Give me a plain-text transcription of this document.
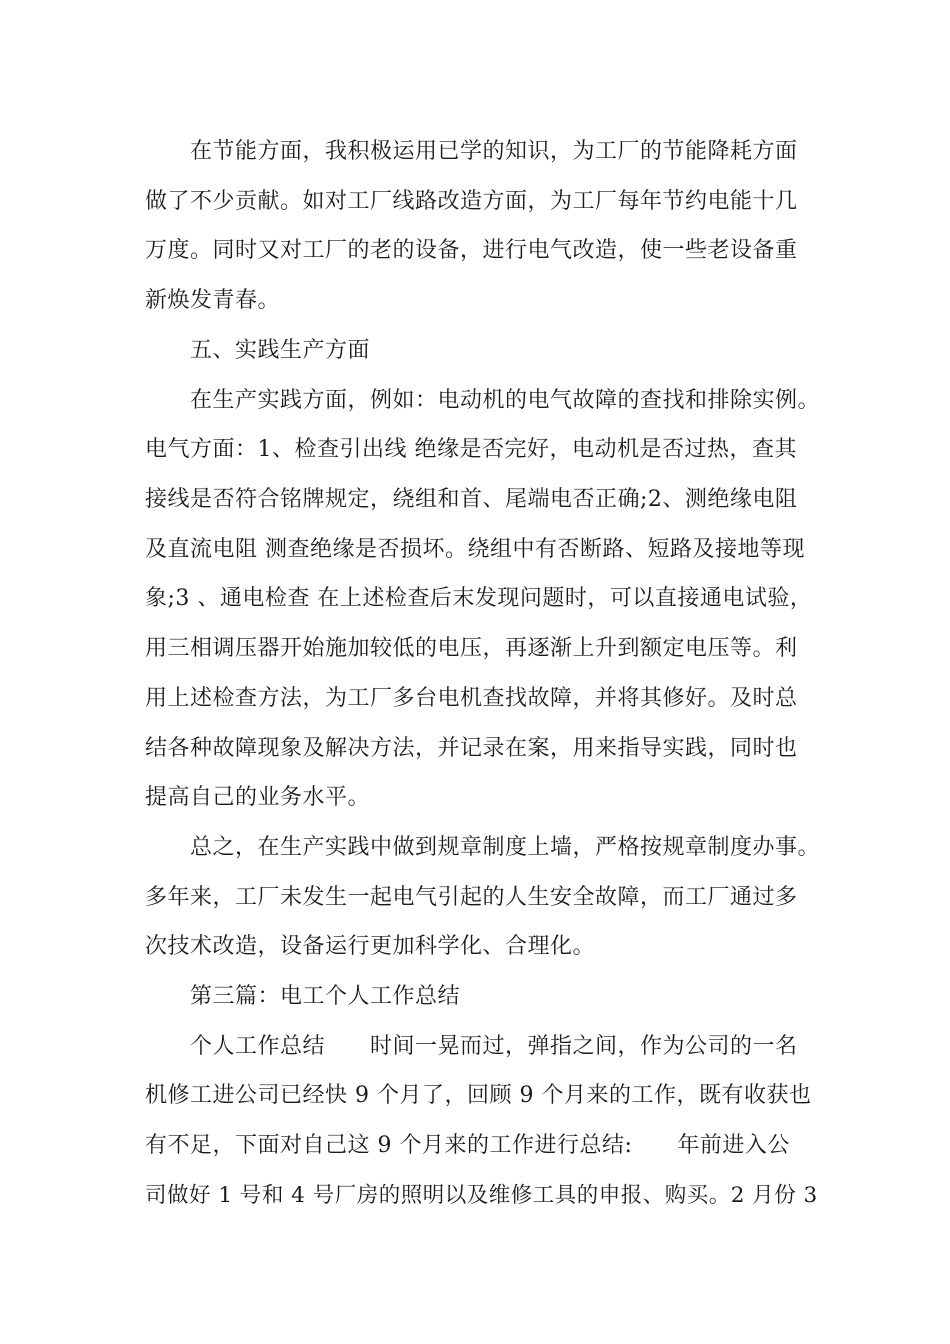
在节能方面，我积极运用已学的知识，为工厂的节能降耗方面
做了不少贡献。如对工厂线路改造方面，为工厂每年节约电能十几
万度。同时又对工厂的老的设备，进行电气改造，使一些老设备重
新焕发青春。
五、实践生产方面
在生产实践方面，例如：电动机的电气故障的查找和排除实例。
电气方面：1、检查引出线 绝缘是否完好，电动机是否过热，查其
接线是否符合铭牌规定，绕组和首、尾端电否正确;2、测绝缘电阻
及直流电阻 测查绝缘是否损坏。绕组中有否断路、短路及接地等现
象;3 、通电检查 在上述检查后末发现问题时，可以直接通电试验，
用三相调压器开始施加较低的电压，再逐渐上升到额定电压等。利
用上述检查方法，为工厂多台电机查找故障，并将其修好。及时总
结各种故障现象及解决方法，并记录在案，用来指导实践，同时也
提高自己的业务水平。
总之，在生产实践中做到规章制度上墙，严格按规章制度办事。
多年来，工厂未发生一起电气引起的人生安全故障，而工厂通过多
次技术改造，设备运行更加科学化、合理化。
第三篇：电工个人工作总结
个人工作总结      时间一晃而过，弹指之间，作为公司的一名
机修工进公司已经快 9 个月了，回顾 9 个月来的工作，既有收获也
有不足，下面对自己这 9 个月来的工作进行总结:      年前进入公
司做好 1 号和 4 号厂房的照明以及维修工具的申报、购买。2 月份 3
